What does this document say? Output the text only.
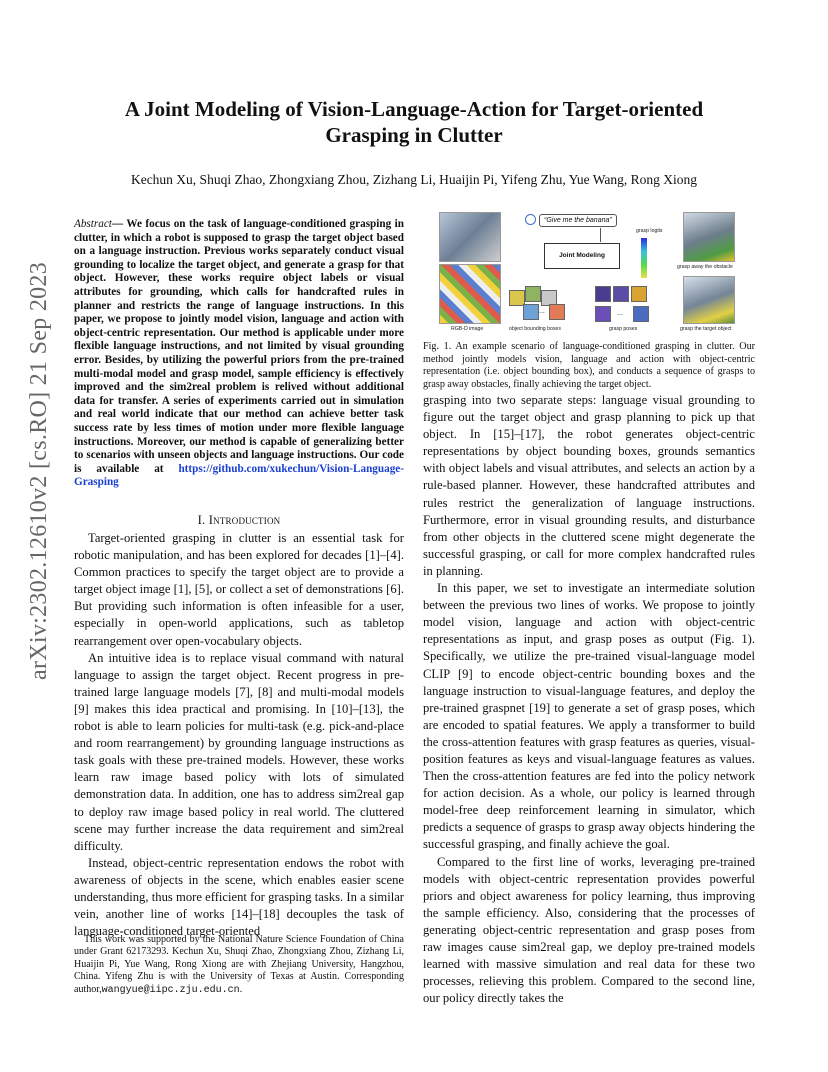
arXiv:2302.12610v2 [cs.RO] 21 Sep 2023
A Joint Modeling of Vision-Language-Action for Target-oriented Grasping in Clutter
Kechun Xu, Shuqi Zhao, Zhongxiang Zhou, Zizhang Li, Huaijin Pi, Yifeng Zhu, Yue Wang, Rong Xiong
Abstract— We focus on the task of language-conditioned grasping in clutter, in which a robot is supposed to grasp the target object based on a language instruction. Previous works separately conduct visual grounding to localize the target object, and generate a grasp for that object. However, these works require object labels or visual attributes for grounding, which calls for handcrafted rules in planner and restricts the range of language instructions. In this paper, we propose to jointly model vision, language and action with object-centric representation. Our method is applicable under more flexible language instructions, and not limited by visual grounding error. Besides, by utilizing the powerful priors from the pre-trained multi-modal model and grasp model, sample efficiency is effectively improved and the sim2real problem is relived without additional data for transfer. A series of experiments carried out in simulation and real world indicate that our method can achieve better task success rate by less times of motion under more flexible language instructions. Moreover, our method is capable of generalizing better to scenarios with unseen objects and language instructions. Our code is available at https://github.com/xukechun/Vision-Language-Grasping
I. Introduction

Target-oriented grasping in clutter is an essential task for robotic manipulation, and has been explored for decades [1]–[4]. Common practices to specify the target object are to provide a target object image [1], [5], or collect a set of demonstrations [6]. But providing such information is often infeasible for a user, especially in open-world applications, such as tabletop rearrangement over open-vocabulary objects.

An intuitive idea is to replace visual command with natural language to assign the target object. Recent progress in pre-trained large language models [7], [8] and multi-modal models [9] makes this idea practical and promising. In [10]–[13], the robot is able to learn policies for multi-task (e.g. pick-and-place and room rearrangement) by grounding language instructions as task goals with these pre-trained models. However, these works learn raw image based policy with lots of simulated demonstration data. In addition, one has to address sim2real gap to deploy raw image based policy in real world. The cluttered scene may further increase the data requirement and sim2real difficulty.

Instead, object-centric representation endows the robot with awareness of objects in the scene, which enables easier scene understanding, thus more efficient for grasping tasks. In a similar vein, another line of works [14]–[18] decouples the task of language-conditioned target-oriented

This work was supported by the National Nature Science Foundation of China under Grant 62173293. Kechun Xu, Shuqi Zhao, Zhongxiang Zhou, Zizhang Li, Huaijin Pi, Yue Wang, Rong Xiong are with Zhejiang University, Hangzhou, China. Yifeng Zhu is with the University of Texas at Austin. Corresponding author,wangyue@iipc.zju.edu.cn.

RGB-D image
“Give me the banana”
Joint Modeling
grasp logits
grasp away the obstacle
grasp the target object
...
object bounding boxes
...
grasp poses
Fig. 1. An example scenario of language-conditioned grasping in clutter. Our method jointly models vision, language and action with object-centric representation (i.e. object bounding box), and conducts a sequence of grasps to grasp away obstacles, finally achieving the target object.

grasping into two separate steps: language visual grounding to figure out the target object and grasp planning to pick up that object. In [15]–[17], the robot generates object-centric representations by object bounding boxes, grounds semantics with object labels and visual attributes, and selects an action by a rule-based planner. However, these handcrafted attributes and rules restrict the generalization of language instructions. Furthermore, error in visual grounding results, and disturbance from other objects in the cluttered scene might degenerate the successful grasping, or call for more complex handcrafted rules in planning.

In this paper, we set to investigate an intermediate solution between the previous two lines of works. We propose to jointly model vision, language and action with object-centric representations as input, and grasp poses as output (Fig. 1). Specifically, we utilize the pre-trained visual-language model CLIP [9] to encode object-centric bounding boxes and the language instruction to visual-language features, and deploy the pre-trained graspnet [19] to generate a set of grasp poses, which are encoded to spatial features. We apply a transformer to build the cross-attention features with grasp features as queries, visual-position features as keys and visual-language features as values. Then the cross-attention features are fed into the policy network for action decision. As a whole, our policy is learned through model-free deep reinforcement learning in simulator, which predicts a sequence of grasps to grasp away objects hindering the successful grasping, and finally achieve the goal.

Compared to the first line of works, leveraging pre-trained models with object-centric representation provides powerful priors and object awareness for policy learning, thus improving the sample efficiency. Also, considering that the processes of generating object-centric representation and grasp poses from raw images cause sim2real gap, we deploy pre-trained models learned with massive simulation and real data for these two processes, relieving this problem. Compared to the second line, our policy directly takes the
